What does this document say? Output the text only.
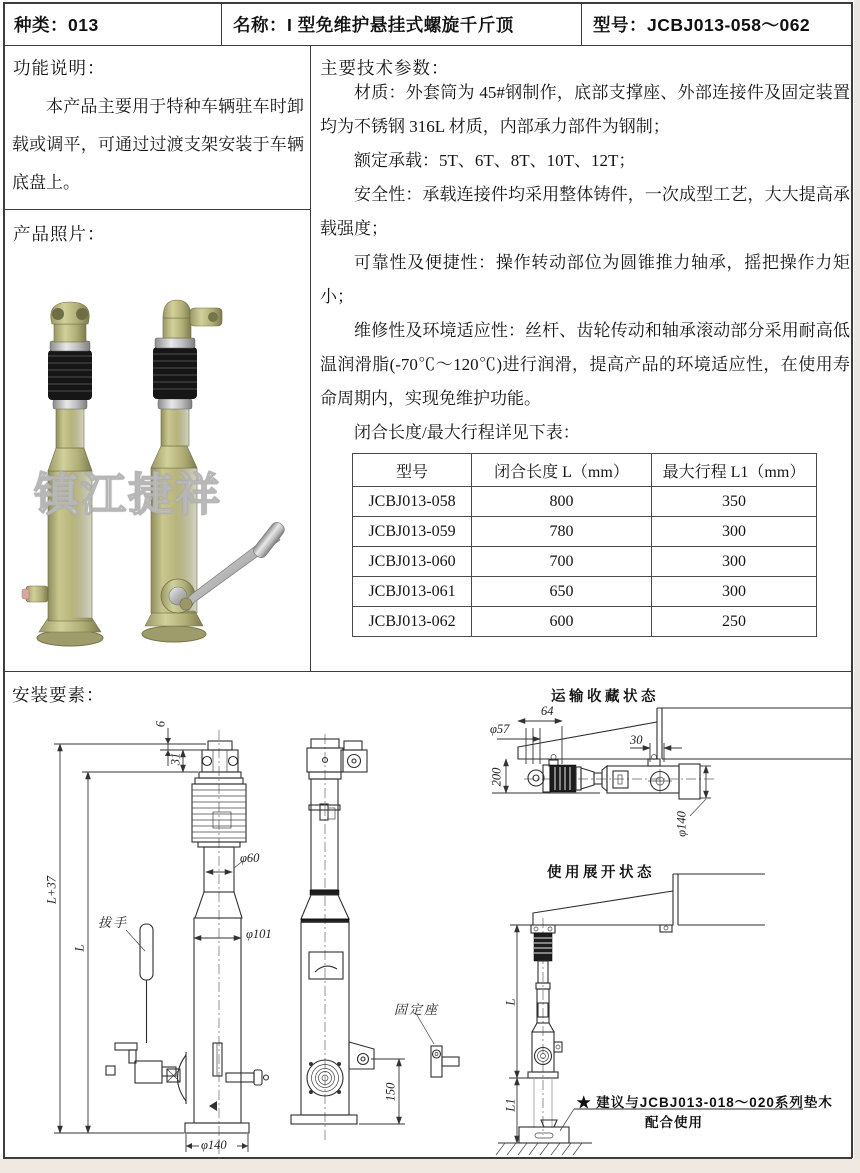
种类：013	名称：I 型免维护悬挂式螺旋千斤顶	型号：JCBJ013-058～062
功能说明：
本产品主要用于特种车辆驻车时卸载或调平，可通过过渡支架安装于车辆底盘上。
产品照片：
镇江捷祥
主要技术参数：

材质：外套筒为 45#钢制作，底部支撑座、外部连接件及固定装置均为不锈钢 316L 材质，内部承力部件为钢制；

额定承载：5T、6T、8T、10T、12T；

安全性：承载连接件均采用整体铸件，一次成型工艺，大大提高承载强度；

可靠性及便捷性：操作转动部位为圆锥推力轴承，摇把操作力矩小；

维修性及环境适应性：丝杆、齿轮传动和轴承滚动部分采用耐高低温润滑脂(-70℃～120℃)进行润滑，提高产品的环境适应性，在使用寿命周期内，实现免维护功能。

闭合长度/最大行程详见下表：

型号	闭合长度 L（mm）	最大行程 L1（mm）
JCBJ013-058	800	350
JCBJ013-059	780	300
JCBJ013-060	700	300
JCBJ013-061	650	300
JCBJ013-062	600	250
安装要素：
6
31
φ60
L+37
L
拔手
φ101
φ140
150
固定座
运输收藏状态
64
φ57
30
200
φ140
使用展开状态
L
L1	★ 建议与JCBJ013-018～020系列垫木
配合使用
